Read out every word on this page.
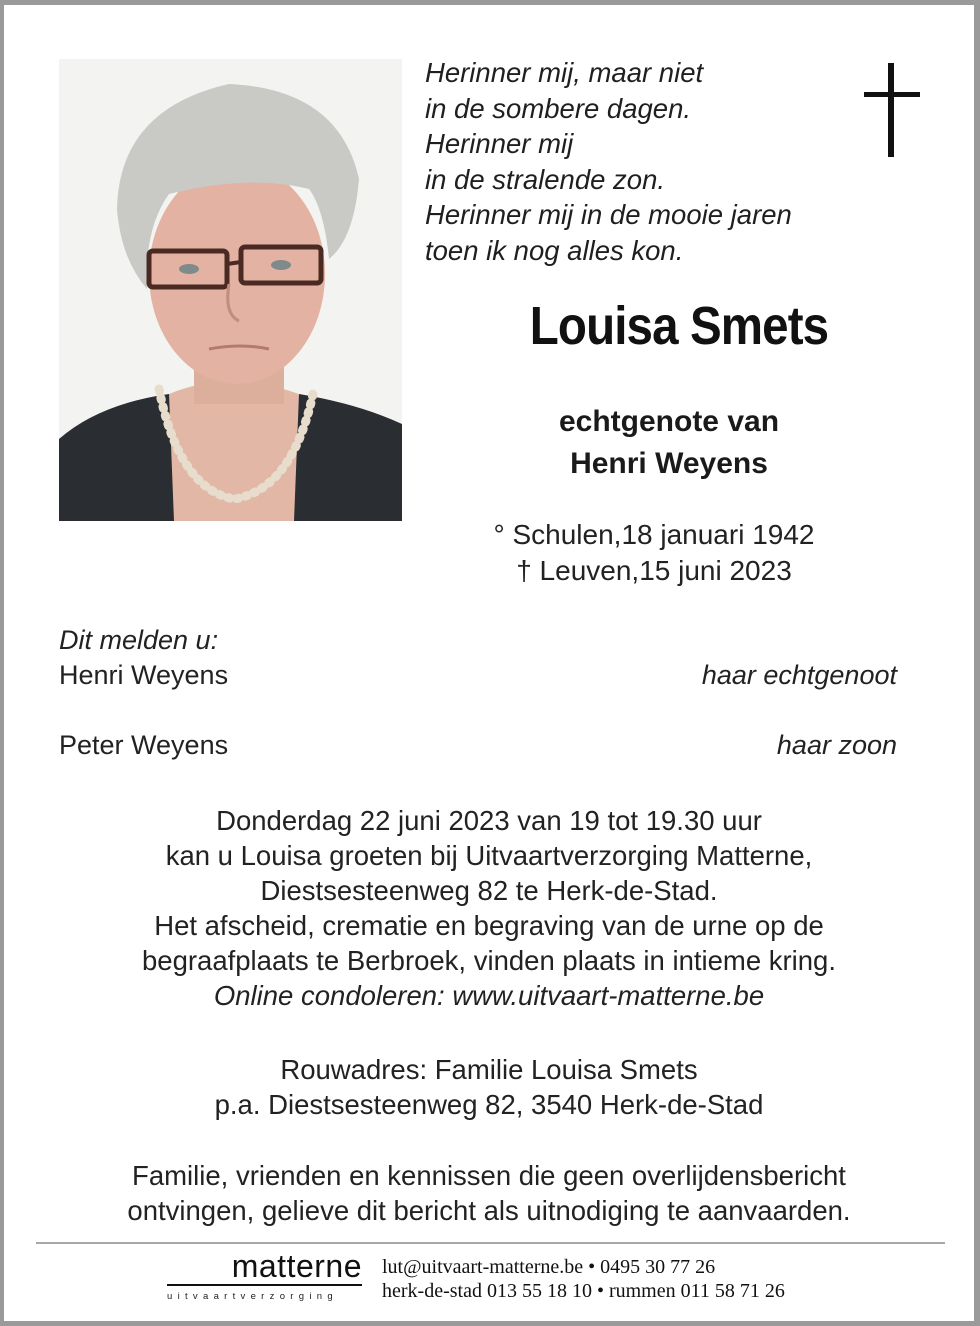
Herinner mij, maar niet
in de sombere dagen.
Herinner mij
in de stralende zon.
Herinner mij in de mooie jaren
toen ik nog alles kon.
Louisa Smets
echtgenote van
Henri Weyens
° Schulen,18 januari 1942
† Leuven,15 juni 2023
Dit melden u:
Henri Weyens	haar echtgenoot
Peter Weyens	haar zoon
Donderdag 22 juni 2023 van 19 tot 19.30 uur
kan u Louisa groeten bij Uitvaartverzorging Matterne,
Diestsesteenweg 82 te Herk-de-Stad.
Het afscheid, crematie en begraving van de urne op de
begraafplaats te Berbroek, vinden plaats in intieme kring.
Online condoleren: www.uitvaart-matterne.be
Rouwadres: Familie Louisa Smets
p.a. Diestsesteenweg 82, 3540 Herk-de-Stad
Familie, vrienden en kennissen die geen overlijdensbericht
ontvingen, gelieve dit bericht als uitnodiging te aanvaarden.
matterne
uitvaartverzorging
lut@uitvaart-matterne.be • 0495 30 77 26
herk-de-stad 013 55 18 10 • rummen 011 58 71 26
